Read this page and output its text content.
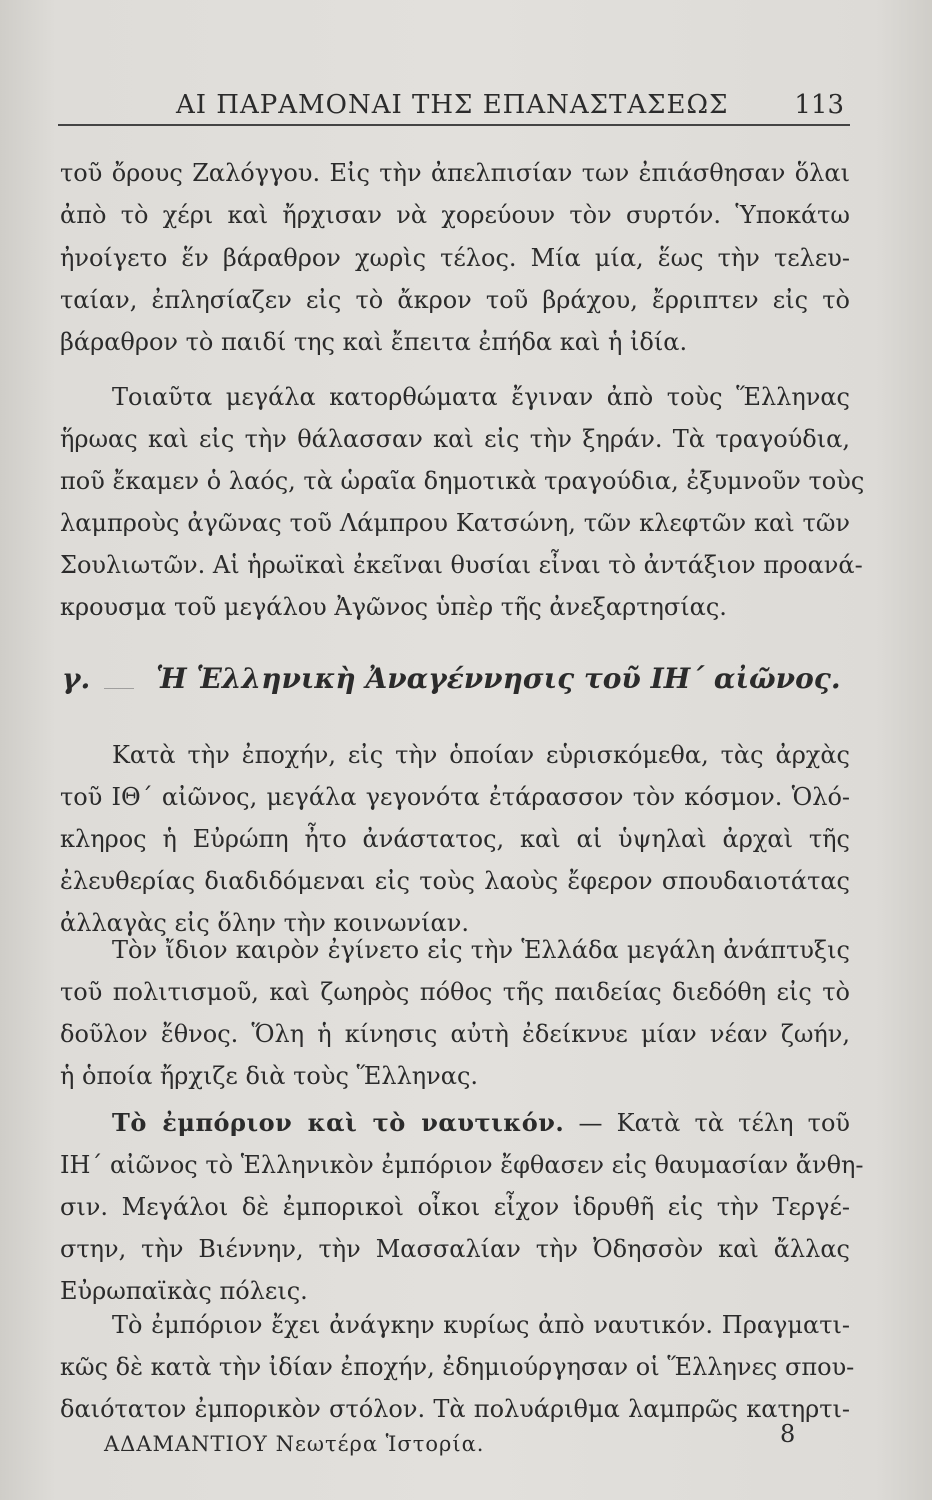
ΑΙ ΠΑΡΑΜΟΝΑΙ ΤΗΣ ΕΠΑΝΑΣΤΑΣΕΩΣ	113
τοῦ ὄρους Ζαλόγγου. Εἰς τὴν ἀπελπισίαν των ἐπιάσθησαν ὅλαι
ἀπὸ τὸ χέρι καὶ ἤρχισαν νὰ χορεύουν τὸν συρτόν. Ὑποκάτω
ἠνοίγετο ἕν βάραθρον χωρὶς τέλος. Μία μία, ἕως τὴν τελευ-
ταίαν, ἐπλησίαζεν εἰς τὸ ἄκρον τοῦ βράχου, ἔρριπτεν εἰς τὸ
βάραθρον τὸ παιδί της καὶ ἔπειτα ἐπήδα καὶ ἡ ἰδία.
Τοιαῦτα μεγάλα κατορθώματα ἔγιναν ἀπὸ τοὺς Ἕλληνας
ἥρωας καὶ εἰς τὴν θάλασσαν καὶ εἰς τὴν ξηράν. Τὰ τραγούδια,
ποῦ ἔκαμεν ὁ λαός, τὰ ὡραῖα δημοτικὰ τραγούδια, ἐξυμνοῦν τοὺς
λαμπροὺς ἀγῶνας τοῦ Λάμπρου Κατσώνη, τῶν κλεφτῶν καὶ τῶν
Σουλιωτῶν. Αἱ ἡρωϊκαὶ ἐκεῖναι θυσίαι εἶναι τὸ ἀντάξιον προανά-
κρουσμα τοῦ μεγάλου Ἀγῶνος ὑπὲρ τῆς ἀνεξαρτησίας.
γ. Ἡ Ἑλληνικὴ Ἀναγέννησις τοῦ ΙΗ΄ αἰῶνος.
Κατὰ τὴν ἐποχήν, εἰς τὴν ὁποίαν εὑρισκόμεθα, τὰς ἀρχὰς
τοῦ ΙΘ΄ αἰῶνος, μεγάλα γεγονότα ἐτάρασσον τὸν κόσμον. Ὁλό-
κληρος ἡ Εὐρώπη ἦτο ἀνάστατος, καὶ αἱ ὑψηλαὶ ἀρχαὶ τῆς
ἐλευθερίας διαδιδόμεναι εἰς τοὺς λαοὺς ἔφερον σπουδαιοτάτας
ἀλλαγὰς εἰς ὅλην τὴν κοινωνίαν.
Τὸν ἴδιον καιρὸν ἐγίνετο εἰς τὴν Ἑλλάδα μεγάλη ἀνάπτυξις
τοῦ πολιτισμοῦ, καὶ ζωηρὸς πόθος τῆς παιδείας διεδόθη εἰς τὸ
δοῦλον ἔθνος. Ὅλη ἡ κίνησις αὐτὴ ἐδείκνυε μίαν νέαν ζωήν,
ἡ ὁποία ἤρχιζε διὰ τοὺς Ἕλληνας.
Τὸ ἐμπόριον καὶ τὸ ναυτικόν. — Κατὰ τὰ τέλη τοῦ
ΙΗ΄ αἰῶνος τὸ Ἑλληνικὸν ἐμπόριον ἔφθασεν εἰς θαυμασίαν ἄνθη-
σιν. Μεγάλοι δὲ ἐμπορικοὶ οἶκοι εἶχον ἱδρυθῆ εἰς τὴν Τεργέ-
στην, τὴν Βιέννην, τὴν Μασσαλίαν τὴν Ὀδησσὸν καὶ ἄλλας
Εὐρωπαϊκὰς πόλεις.
Τὸ ἐμπόριον ἔχει ἀνάγκην κυρίως ἀπὸ ναυτικόν. Πραγματι-
κῶς δὲ κατὰ τὴν ἰδίαν ἐποχήν, ἐδημιούργησαν οἱ Ἕλληνες σπου-
δαιότατον ἐμπορικὸν στόλον. Τὰ πολυάριθμα λαμπρῶς κατηρτι-
ΑΔΑΜΑΝΤΙΟΥ Νεωτέρα Ἱστορία.	8
